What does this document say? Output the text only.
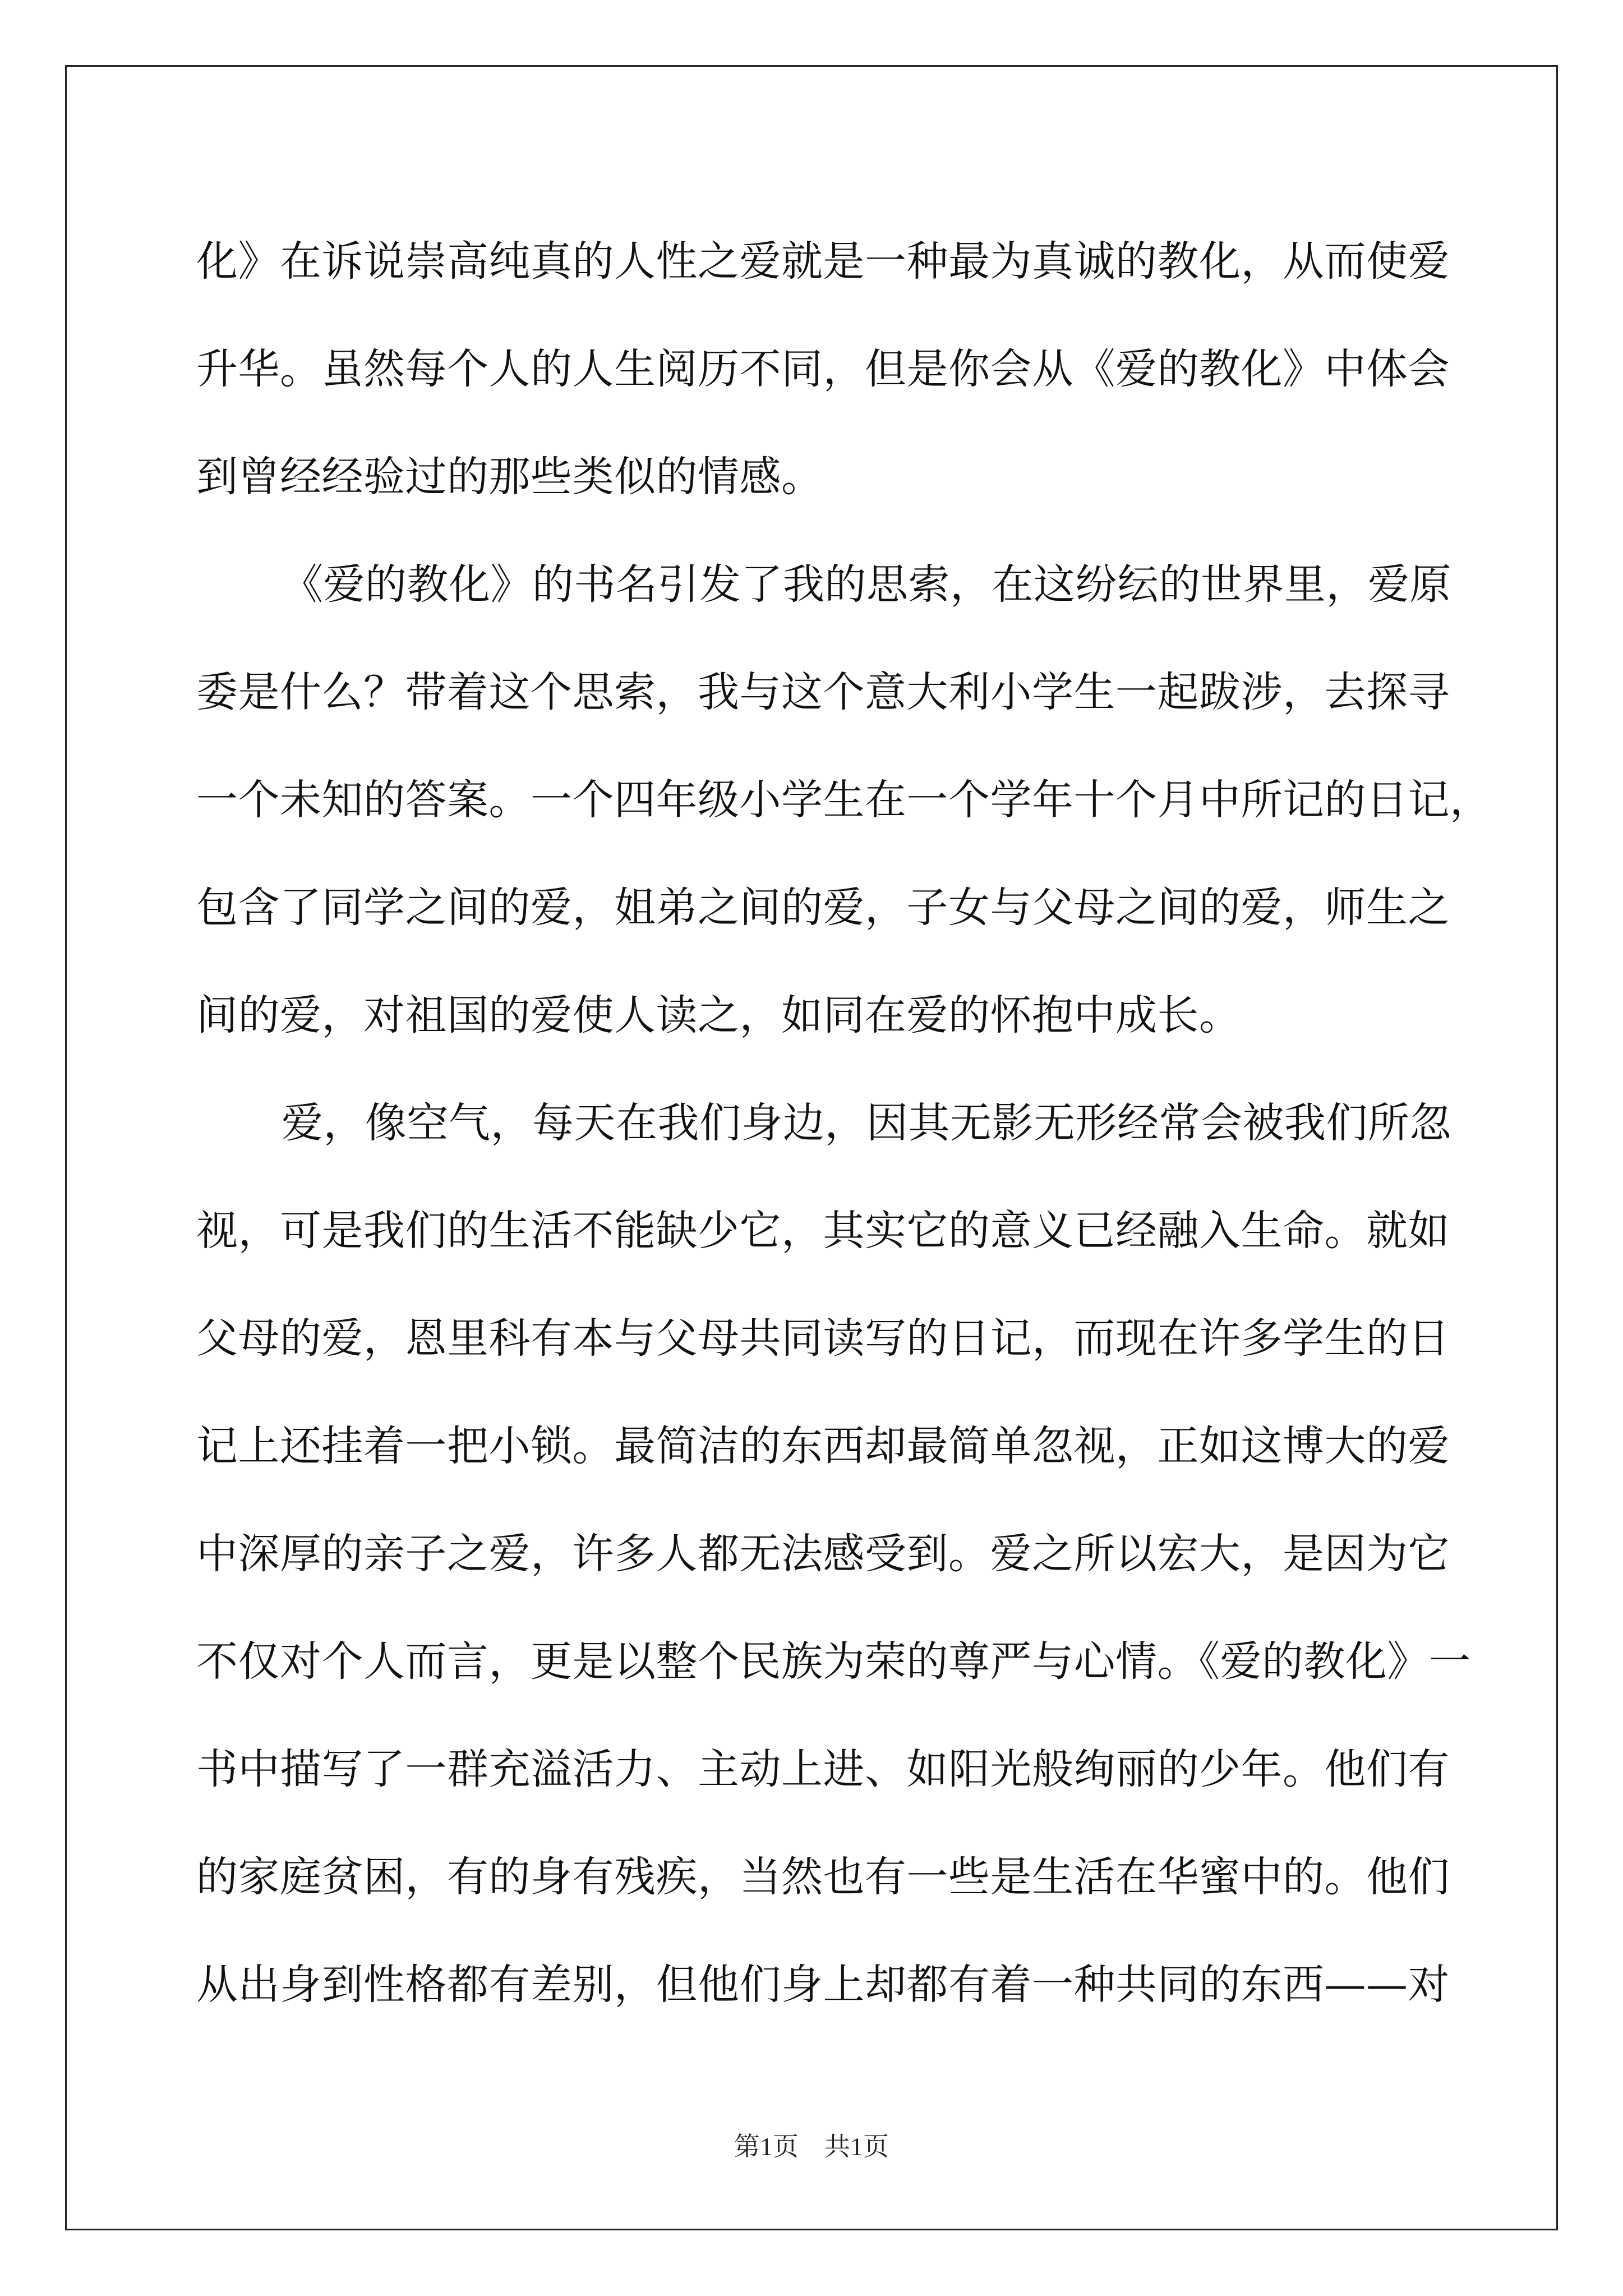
化》在诉说崇高纯真的人性之爱就是一种最为真诚的教化，从而使爱
升华。虽然每个人的人生阅历不同，但是你会从《爱的教化》中体会
到曾经经验过的那些类似的情感。
《爱的教化》的书名引发了我的思索，在这纷纭的世界里，爱原
委是什么？带着这个思索，我与这个意大利小学生一起跋涉，去探寻
一个未知的答案。一个四年级小学生在一个学年十个月中所记的日记，
包含了同学之间的爱，姐弟之间的爱，子女与父母之间的爱，师生之
间的爱，对祖国的爱使人读之，如同在爱的怀抱中成长。
爱，像空气，每天在我们身边，因其无影无形经常会被我们所忽
视，可是我们的生活不能缺少它，其实它的意义已经融入生命。就如
父母的爱，恩里科有本与父母共同读写的日记，而现在许多学生的日
记上还挂着一把小锁。最简洁的东西却最简单忽视，正如这博大的爱
中深厚的亲子之爱，许多人都无法感受到。爱之所以宏大，是因为它
不仅对个人而言，更是以整个民族为荣的尊严与心情。《爱的教化》一
书中描写了一群充溢活力、主动上进、如阳光般绚丽的少年。他们有
的家庭贫困，有的身有残疾，当然也有一些是生活在华蜜中的。他们
从出身到性格都有差别，但他们身上却都有着一种共同的东西——对
第1页　共1页
